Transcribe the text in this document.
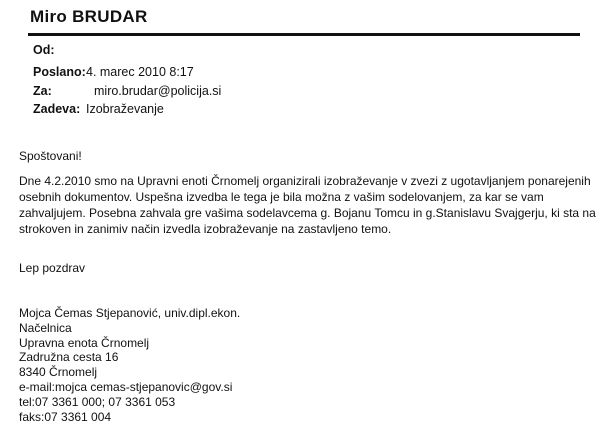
Miro BRUDAR
Od:
Poslano:4. marec 2010 8:17
Za:	miro.brudar@policija.si
Zadeva: Izobraževanje
Spoštovani!
Dne 4.2.2010 smo na Upravni enoti Črnomelj organizirali izobraževanje v zvezi z ugotavljanjem ponarejenih
osebnih dokumentov. Uspešna izvedba le tega je bila možna z vašim sodelovanjem, za kar se vam
zahvaljujem. Posebna zahvala gre vašima sodelavcema g. Bojanu Tomcu in g.Stanislavu Svajgerju, ki sta na
strokoven in zanimiv način izvedla izobraževanje na zastavljeno temo.
Lep pozdrav
Mojca Čemas Stjepanović, univ.dipl.ekon.
Načelnica
Upravna enota Črnomelj
Zadružna cesta 16
8340 Črnomelj
e-mail:mojca cemas-stjepanovic@gov.si
tel:07 3361 000; 07 3361 053
faks:07 3361 004
